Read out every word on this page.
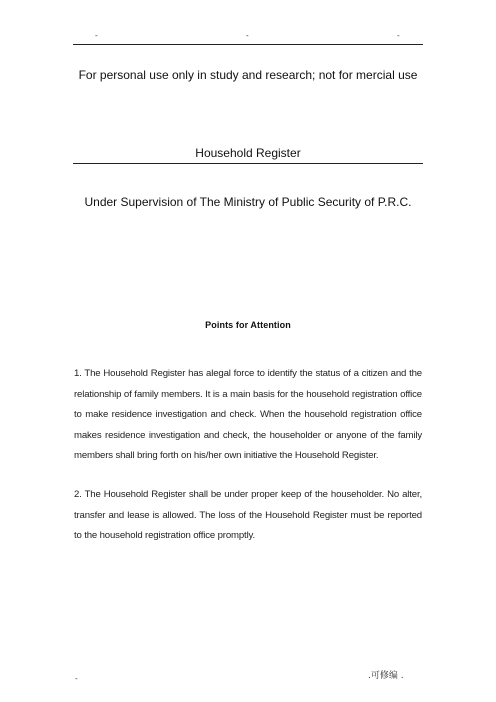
-	-	-
For personal use only in study and research; not for mercial use
Household Register
Under Supervision of The Ministry of Public Security of P.R.C.
Points for Attention

1. The Household Register has alegal force to identify the status of a citizen and the relationship of family members. It is a main basis for the household registration office to make residence investigation and check. When the household registration office makes residence investigation and check, the householder or anyone of the family members shall bring forth on his/her own initiative the Household Register.

2. The Household Register shall be under proper keep of the householder. No alter, transfer and lease is allowed. The loss of the Household Register must be reported to the household registration office promptly.

-	.可修编 .
